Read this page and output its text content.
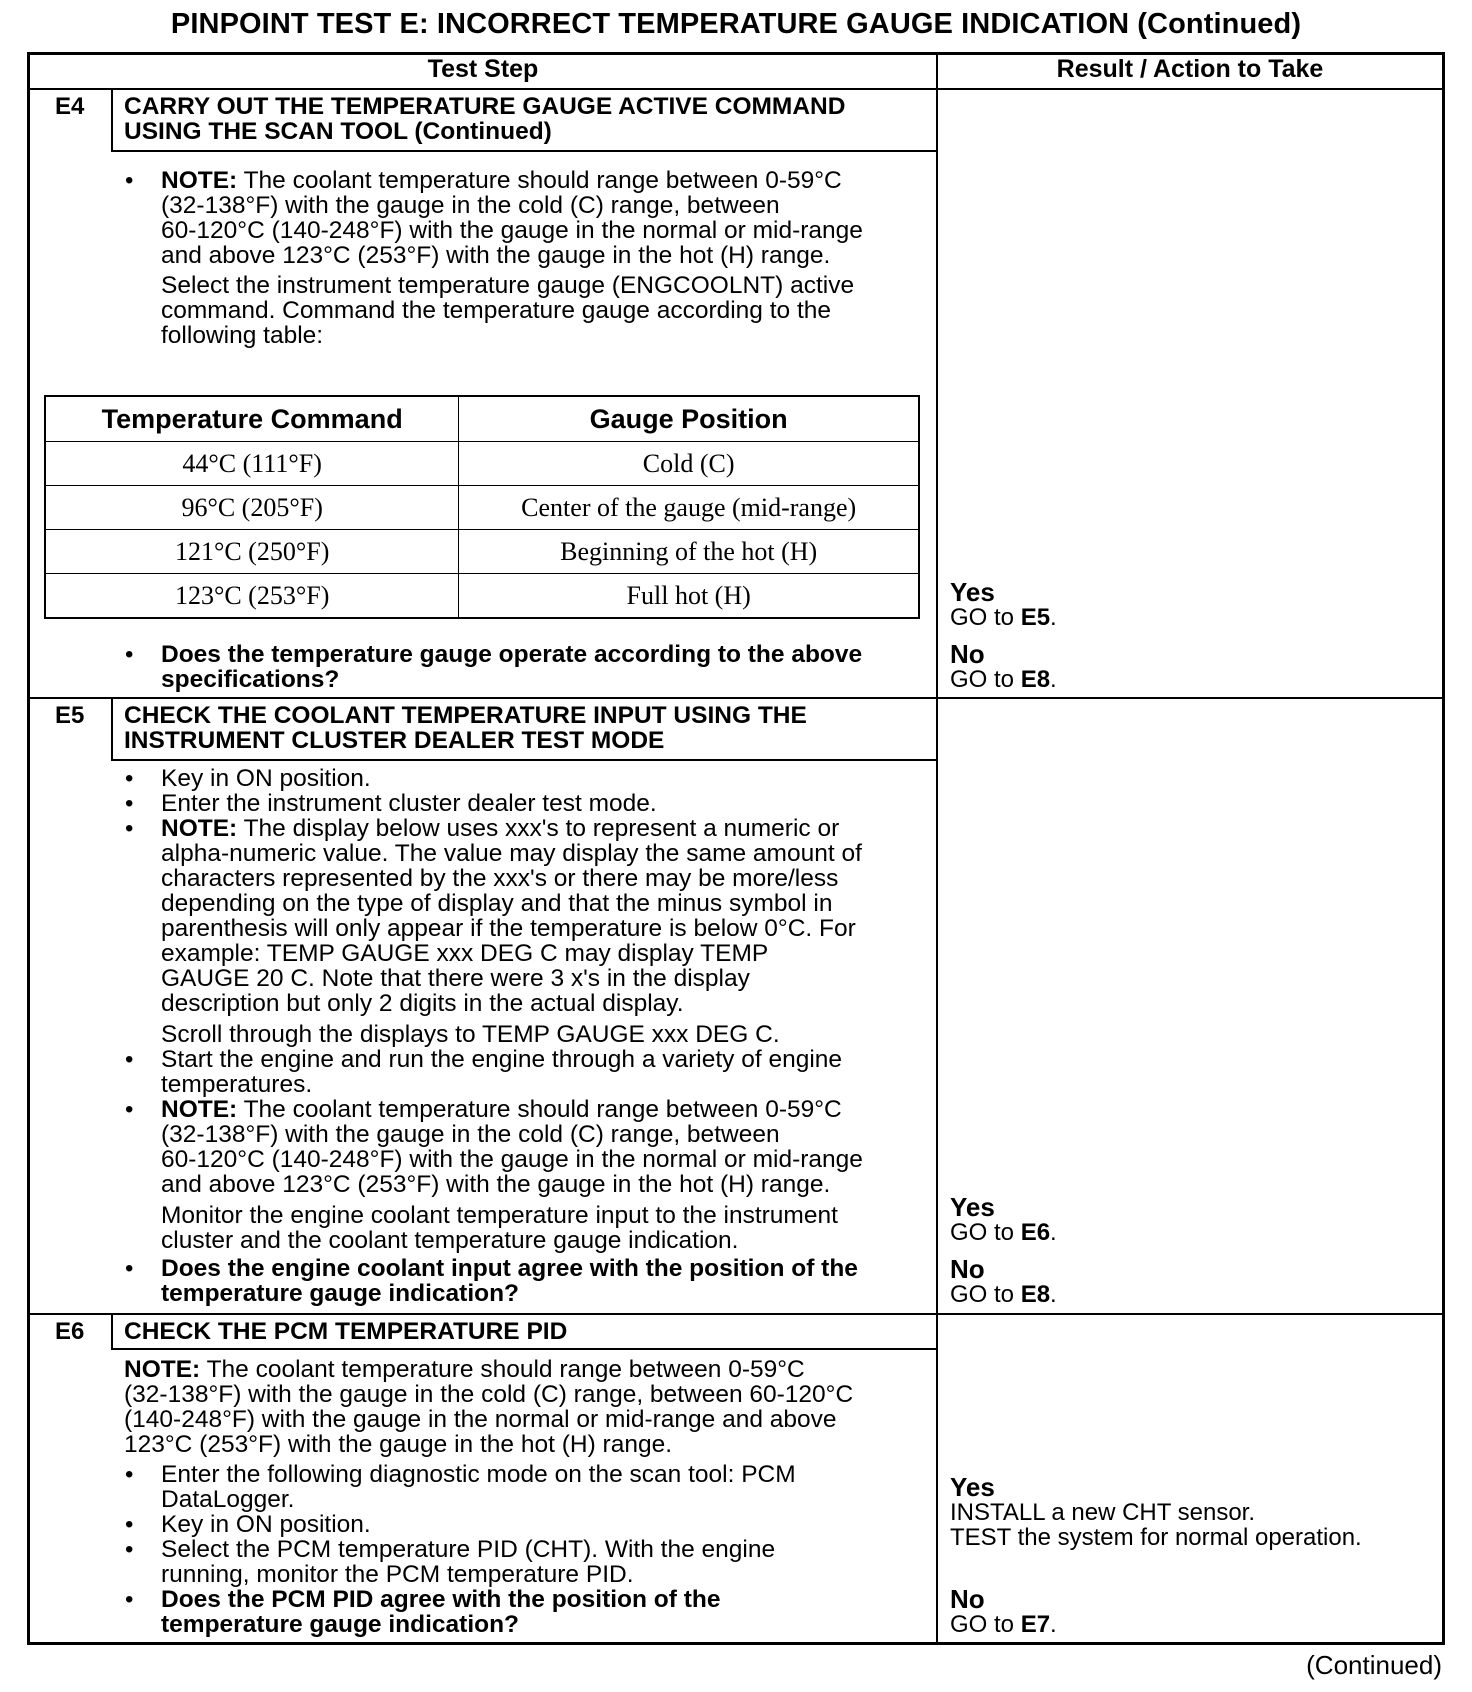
PINPOINT TEST E: INCORRECT TEMPERATURE GAUGE INDICATION (Continued)
Test Step	Result / Action to Take
E4 CARRY OUT THE TEMPERATURE GAUGE ACTIVE COMMAND
USING THE SCAN TOOL (Continued)
• NOTE: The coolant temperature should range between 0-59°C
(32-138°F) with the gauge in the cold (C) range, between
60-120°C (140-248°F) with the gauge in the normal or mid-range
and above 123°C (253°F) with the gauge in the hot (H) range.
Select the instrument temperature gauge (ENGCOOLNT) active
command. Command the temperature gauge according to the
following table:
Temperature Command	Gauge Position
44°C (111°F)	Cold (C)
96°C (205°F)	Center of the gauge (mid-range)
121°C (250°F)	Beginning of the hot (H)
123°C (253°F)	Full hot (H)
• Does the temperature gauge operate according to the above
specifications?
Yes
GO to E5.
No
GO to E8.
E5 CHECK THE COOLANT TEMPERATURE INPUT USING THE
INSTRUMENT CLUSTER DEALER TEST MODE
• Key in ON position.
• Enter the instrument cluster dealer test mode.
• NOTE: The display below uses xxx's to represent a numeric or
alpha-numeric value. The value may display the same amount of
characters represented by the xxx's or there may be more/less
depending on the type of display and that the minus symbol in
parenthesis will only appear if the temperature is below 0°C. For
example: TEMP GAUGE xxx DEG C may display TEMP
GAUGE 20 C. Note that there were 3 x's in the display
description but only 2 digits in the actual display.
Scroll through the displays to TEMP GAUGE xxx DEG C.
• Start the engine and run the engine through a variety of engine
temperatures.
• NOTE: The coolant temperature should range between 0-59°C
(32-138°F) with the gauge in the cold (C) range, between
60-120°C (140-248°F) with the gauge in the normal or mid-range
and above 123°C (253°F) with the gauge in the hot (H) range.
Monitor the engine coolant temperature input to the instrument
cluster and the coolant temperature gauge indication.
• Does the engine coolant input agree with the position of the
temperature gauge indication?
Yes
GO to E6.
No
GO to E8.
E6 CHECK THE PCM TEMPERATURE PID
NOTE: The coolant temperature should range between 0-59°C
(32-138°F) with the gauge in the cold (C) range, between 60-120°C
(140-248°F) with the gauge in the normal or mid-range and above
123°C (253°F) with the gauge in the hot (H) range.
• Enter the following diagnostic mode on the scan tool: PCM
DataLogger.
• Key in ON position.
• Select the PCM temperature PID (CHT). With the engine
running, monitor the PCM temperature PID.
• Does the PCM PID agree with the position of the
temperature gauge indication?
Yes
INSTALL a new CHT sensor.
TEST the system for normal operation.
No
GO to E7.
(Continued)
